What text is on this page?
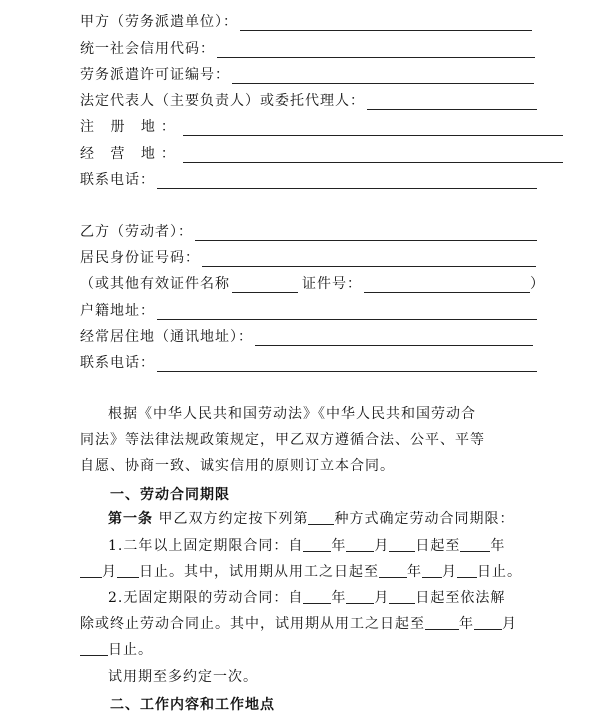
甲方（劳务派遣单位）：
统一社会信用代码：
劳务派遣许可证编号：
法定代表人（主要负责人）或委托代理人：
注 册 地：
经 营 地：
联系电话：
乙方（劳动者）：
居民身份证号码：
（或其他有效证件名称	证件号：	）
户籍地址：
经常居住地（通讯地址）：
联系电话：
根据《中华人民共和国劳动法》《中华人民共和国劳动合
同法》等法律法规政策规定，甲乙双方遵循合法、公平、平等
自愿、协商一致、诚实信用的原则订立本合同。
一、劳动合同期限
第一条 甲乙双方约定按下列第 种方式确定劳动合同期限：
1.二年以上固定期限合同：自 年 月 日起至 年
月 日止。其中，试用期从用工之日起至 年 月 日止。
2.无固定期限的劳动合同：自 年 月 日起至依法解
除或终止劳动合同止。其中，试用期从用工之日起至 年 月
日止。
试用期至多约定一次。
二、工作内容和工作地点
